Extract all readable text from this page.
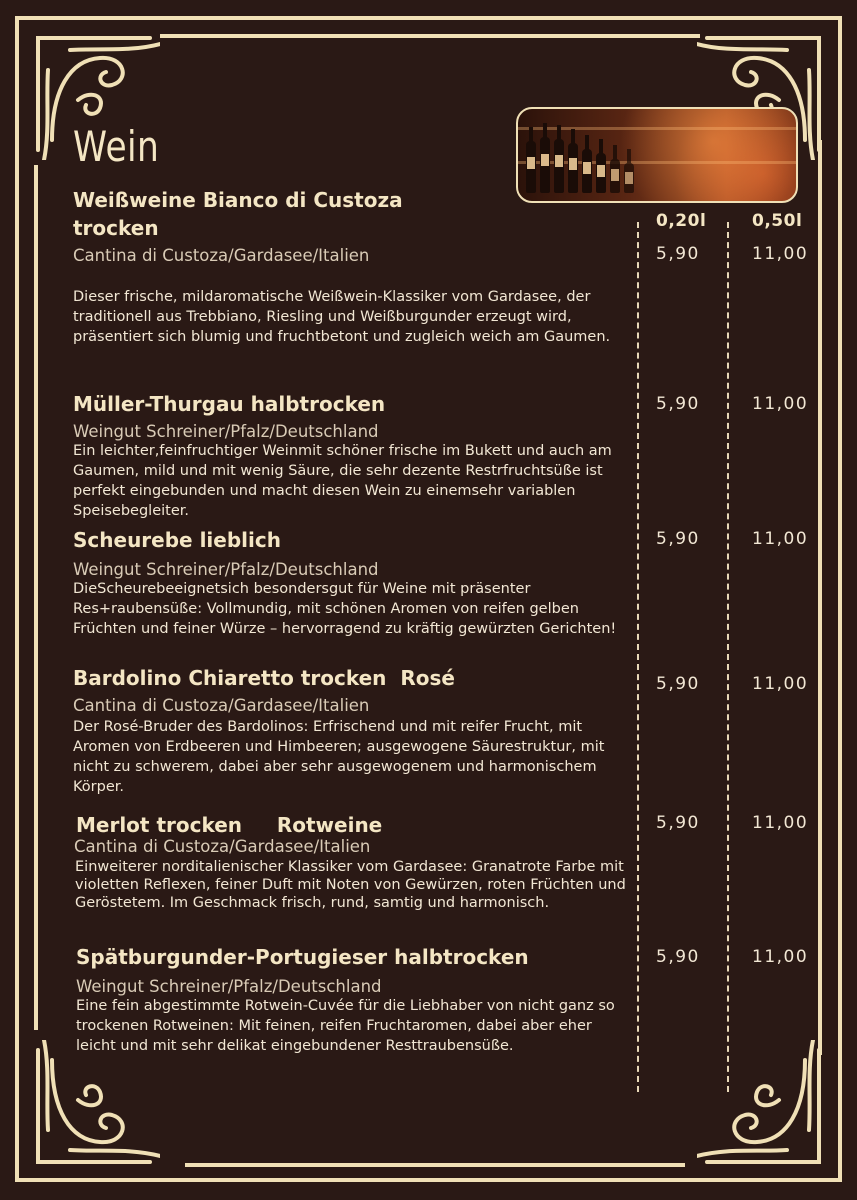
Wein
0,20l	0,50l

Weißweine Bianco di Custoza

trocken

Cantina di Custoza/Gardasee/Italien

Dieser frische, mildaromatische Weißwein-Klassiker vom Gardasee, der traditionell aus Trebbiano, Riesling und Weißburgunder erzeugt wird, präsentiert sich blumig und fruchtbetont und zugleich weich am Gaumen.

5,90	11,00

Müller-Thurgau halbtrocken

Weingut Schreiner/Pfalz/Deutschland

Ein leichter,feinfruchtiger Weinmit schöner frische im Bukett und auch am Gaumen, mild und mit wenig Säure, die sehr dezente Restrfruchtsüße ist perfekt eingebunden und macht diesen Wein zu einemsehr variablen Speisebegleiter.

5,90	11,00

Scheurebe lieblich

Weingut Schreiner/Pfalz/Deutschland

DieScheurebeeignetsich besondersgut für Weine mit präsenter Res+raubensüße: Vollmundig, mit schönen Aromen von reifen gelben Früchten und feiner Würze – hervorragend zu kräftig gewürzten Gerichten!

5,90	11,00

Bardolino Chiaretto trocken  Rosé

Cantina di Custoza/Gardasee/Italien

Der Rosé-Bruder des Bardolinos: Erfrischend und mit reifer Frucht, mit Aromen von Erdbeeren und Himbeeren; ausgewogene Säurestruktur, mit nicht zu schwerem, dabei aber sehr ausgewogenem und harmonischem Körper.

5,90	11,00

Merlot trocken     Rotweine

Cantina di Custoza/Gardasee/Italien

Einweiterer norditalienischer Klassiker vom Gardasee: Granatrote Farbe mit violetten Reflexen, feiner Duft mit Noten von Gewürzen, roten Früchten und Geröstetem. Im Geschmack frisch, rund, samtig und harmonisch.

5,90	11,00

Spätburgunder-Portugieser halbtrocken

Weingut Schreiner/Pfalz/Deutschland

Eine fein abgestimmte Rotwein-Cuvée für die Liebhaber von nicht ganz so trockenen Rotweinen: Mit feinen, reifen Fruchtaromen, dabei aber eher leicht und mit sehr delikat eingebundener Resttraubensüße.

5,90	11,00
